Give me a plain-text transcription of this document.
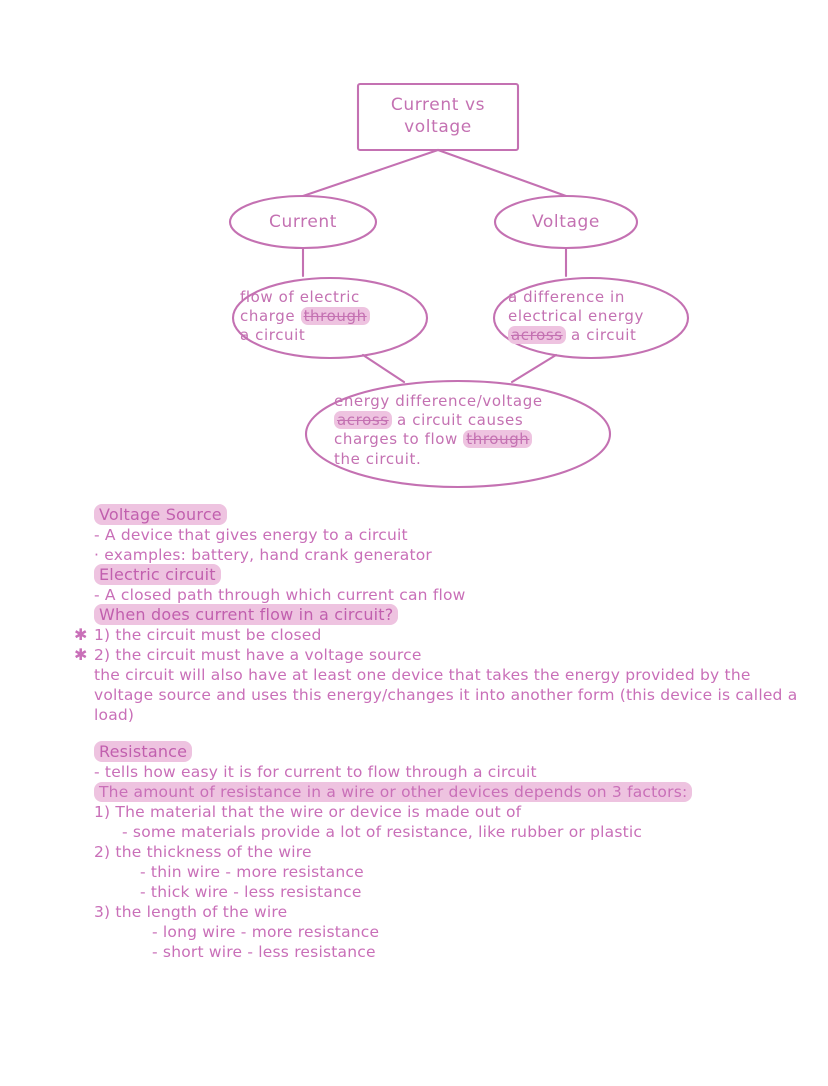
Current vs
voltage
Current	Voltage
flow of electric
charge through
a circuit
a difference in
electrical energy
across a circuit
energy difference/voltage
across a circuit causes
charges to flow through
the circuit.
Voltage Source
- A device that gives energy to a circuit
· examples: battery, hand crank generator
Electric circuit
- A closed path through which current can flow
When does current flow in a circuit?
✱ 1) the circuit must be closed
✱ 2) the circuit must have a voltage source
the circuit will also have at least one device that takes the energy provided by the voltage source and uses this energy/changes it into another form (this device is called a load)
Resistance
- tells how easy it is for current to flow through a circuit
The amount of resistance in a wire or other devices depends on 3 factors:
1) The material that the wire or device is made out of
- some materials provide a lot of resistance, like rubber or plastic
2) the thickness of the wire
- thin wire - more resistance
- thick wire - less resistance
3) the length of the wire
- long wire - more resistance
- short wire - less resistance
